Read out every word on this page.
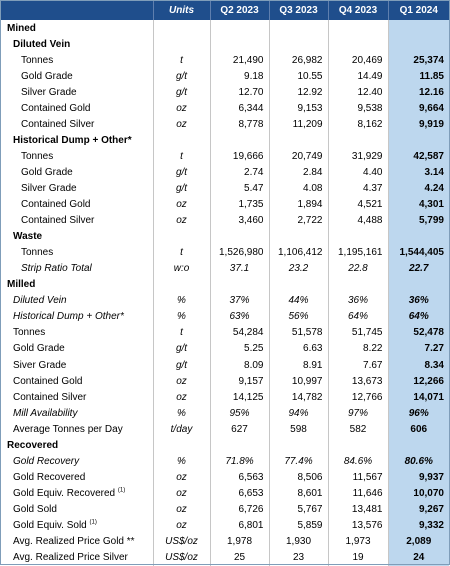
	Units	Q2 2023	Q3 2023	Q4 2023	Q1 2024
Mined					
Diluted Vein					
Tonnes	t	21,490	26,982	20,469	25,374
Gold Grade	g/t	9.18	10.55	14.49	11.85
Silver Grade	g/t	12.70	12.92	12.40	12.16
Contained Gold	oz	6,344	9,153	9,538	9,664
Contained Silver	oz	8,778	11,209	8,162	9,919
Historical Dump + Other*					
Tonnes	t	19,666	20,749	31,929	42,587
Gold Grade	g/t	2.74	2.84	4.40	3.14
Silver Grade	g/t	5.47	4.08	4.37	4.24
Contained Gold	oz	1,735	1,894	4,521	4,301
Contained Silver	oz	3,460	2,722	4,488	5,799
Waste					
Tonnes	t	1,526,980	1,106,412	1,195,161	1,544,405
Strip Ratio Total	w:o	37.1	23.2	22.8	22.7
Milled					
Diluted Vein	%	37%	44%	36%	36%
Historical Dump + Other*	%	63%	56%	64%	64%
Tonnes	t	54,284	51,578	51,745	52,478
Gold Grade	g/t	5.25	6.63	8.22	7.27
Siver Grade	g/t	8.09	8.91	7.67	8.34
Contained Gold	oz	9,157	10,997	13,673	12,266
Contained Silver	oz	14,125	14,782	12,766	14,071
Mill Availability	%	95%	94%	97%	96%
Average Tonnes per Day	t/day	627	598	582	606
Recovered					
Gold Recovery	%	71.8%	77.4%	84.6%	80.6%
Gold Recovered	oz	6,563	8,506	11,567	9,937
Gold Equiv. Recovered $^{(1)}$	oz	6,653	8,601	11,646	10,070
Gold Sold	oz	6,726	5,767	13,481	9,267
Gold Equiv. Sold $^{(1)}$	oz	6,801	5,859	13,576	9,332
Avg. Realized Price Gold **	US$/oz	1,978	1,930	1,973	2,089
Avg. Realized Price Silver	US$/oz	25	23	19	24
